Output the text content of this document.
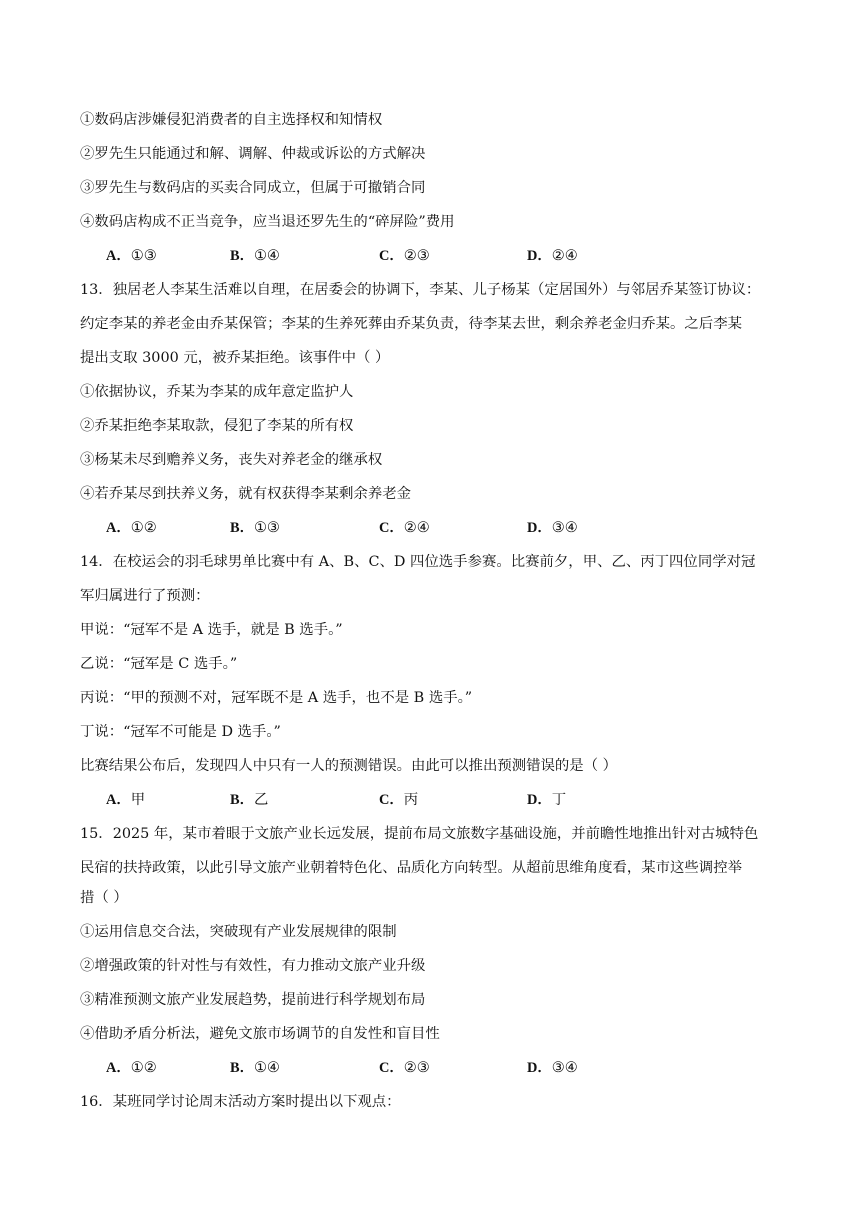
①数码店涉嫌侵犯消费者的自主选择权和知情权
②罗先生只能通过和解、调解、仲裁或诉讼的方式解决
③罗先生与数码店的买卖合同成立，但属于可撤销合同
④数码店构成不正当竞争，应当退还罗先生的“碎屏险”费用
A．①③	B．①④	C．②③	D．②④
13．独居老人李某生活难以自理，在居委会的协调下，李某、儿子杨某（定居国外）与邻居乔某签订协议：
约定李某的养老金由乔某保管；李某的生养死葬由乔某负责，待李某去世，剩余养老金归乔某。之后李某
提出支取 3000 元，被乔某拒绝。该事件中（ ）
①依据协议，乔某为李某的成年意定监护人
②乔某拒绝李某取款，侵犯了李某的所有权
③杨某未尽到赡养义务，丧失对养老金的继承权
④若乔某尽到扶养义务，就有权获得李某剩余养老金
A．①②	B．①③	C．②④	D．③④
14．在校运会的羽毛球男单比赛中有 A、B、C、D 四位选手参赛。比赛前夕，甲、乙、丙丁四位同学对冠
军归属进行了预测：
甲说：“冠军不是 A 选手，就是 B 选手。”
乙说：“冠军是 C 选手。”
丙说：“甲的预测不对，冠军既不是 A 选手，也不是 B 选手。”
丁说：“冠军不可能是 D 选手。”
比赛结果公布后，发现四人中只有一人的预测错误。由此可以推出预测错误的是（ ）
A．甲	B．乙	C．丙	D．丁
15．2025 年，某市着眼于文旅产业长远发展，提前布局文旅数字基础设施，并前瞻性地推出针对古城特色
民宿的扶持政策，以此引导文旅产业朝着特色化、品质化方向转型。从超前思维角度看，某市这些调控举
措（ ）
①运用信息交合法，突破现有产业发展规律的限制
②增强政策的针对性与有效性，有力推动文旅产业升级
③精准预测文旅产业发展趋势，提前进行科学规划布局
④借助矛盾分析法，避免文旅市场调节的自发性和盲目性
A．①②	B．①④	C．②③	D．③④
16．某班同学讨论周末活动方案时提出以下观点：
